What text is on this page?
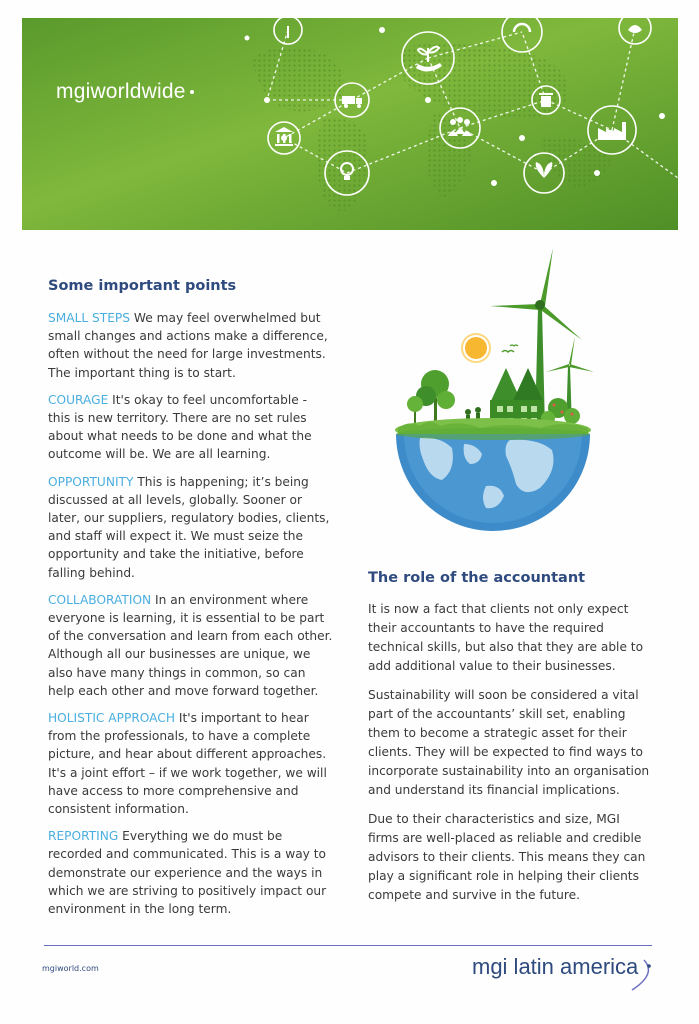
mgiworldwide
Some important points

SMALL STEPS We may feel overwhelmed but small changes and actions make a difference, often without the need for large investments. The important thing is to start.

COURAGE It's okay to feel uncomfortable - this is new territory. There are no set rules about what needs to be done and what the outcome will be. We are all learning.

OPPORTUNITY This is happening; it’s being discussed at all levels, globally. Sooner or later, our suppliers, regulatory bodies, clients, and staff will expect it. We must seize the opportunity and take the initiative, before falling behind.

COLLABORATION In an environment where everyone is learning, it is essential to be part of the conversation and learn from each other. Although all our businesses are unique, we also have many things in common, so can help each other and move forward together.

HOLISTIC APPROACH It's important to hear from the professionals, to have a complete picture, and hear about different approaches. It's a joint effort – if we work together, we will have access to more comprehensive and consistent information.

REPORTING Everything we do must be recorded and communicated. This is a way to demonstrate our experience and the ways in which we are striving to positively impact our environment in the long term.

The role of the accountant

It is now a fact that clients not only expect their accountants to have the required technical skills, but also that they are able to add additional value to their businesses.

Sustainability will soon be considered a vital part of the accountants’ skill set, enabling them to become a strategic asset for their clients. They will be expected to find ways to incorporate sustainability into an organisation and understand its financial implications.

Due to their characteristics and size, MGI firms are well-placed as reliable and credible advisors to their clients. This means they can play a significant role in helping their clients compete and survive in the future.

mgiworld.com	mgi latin america
